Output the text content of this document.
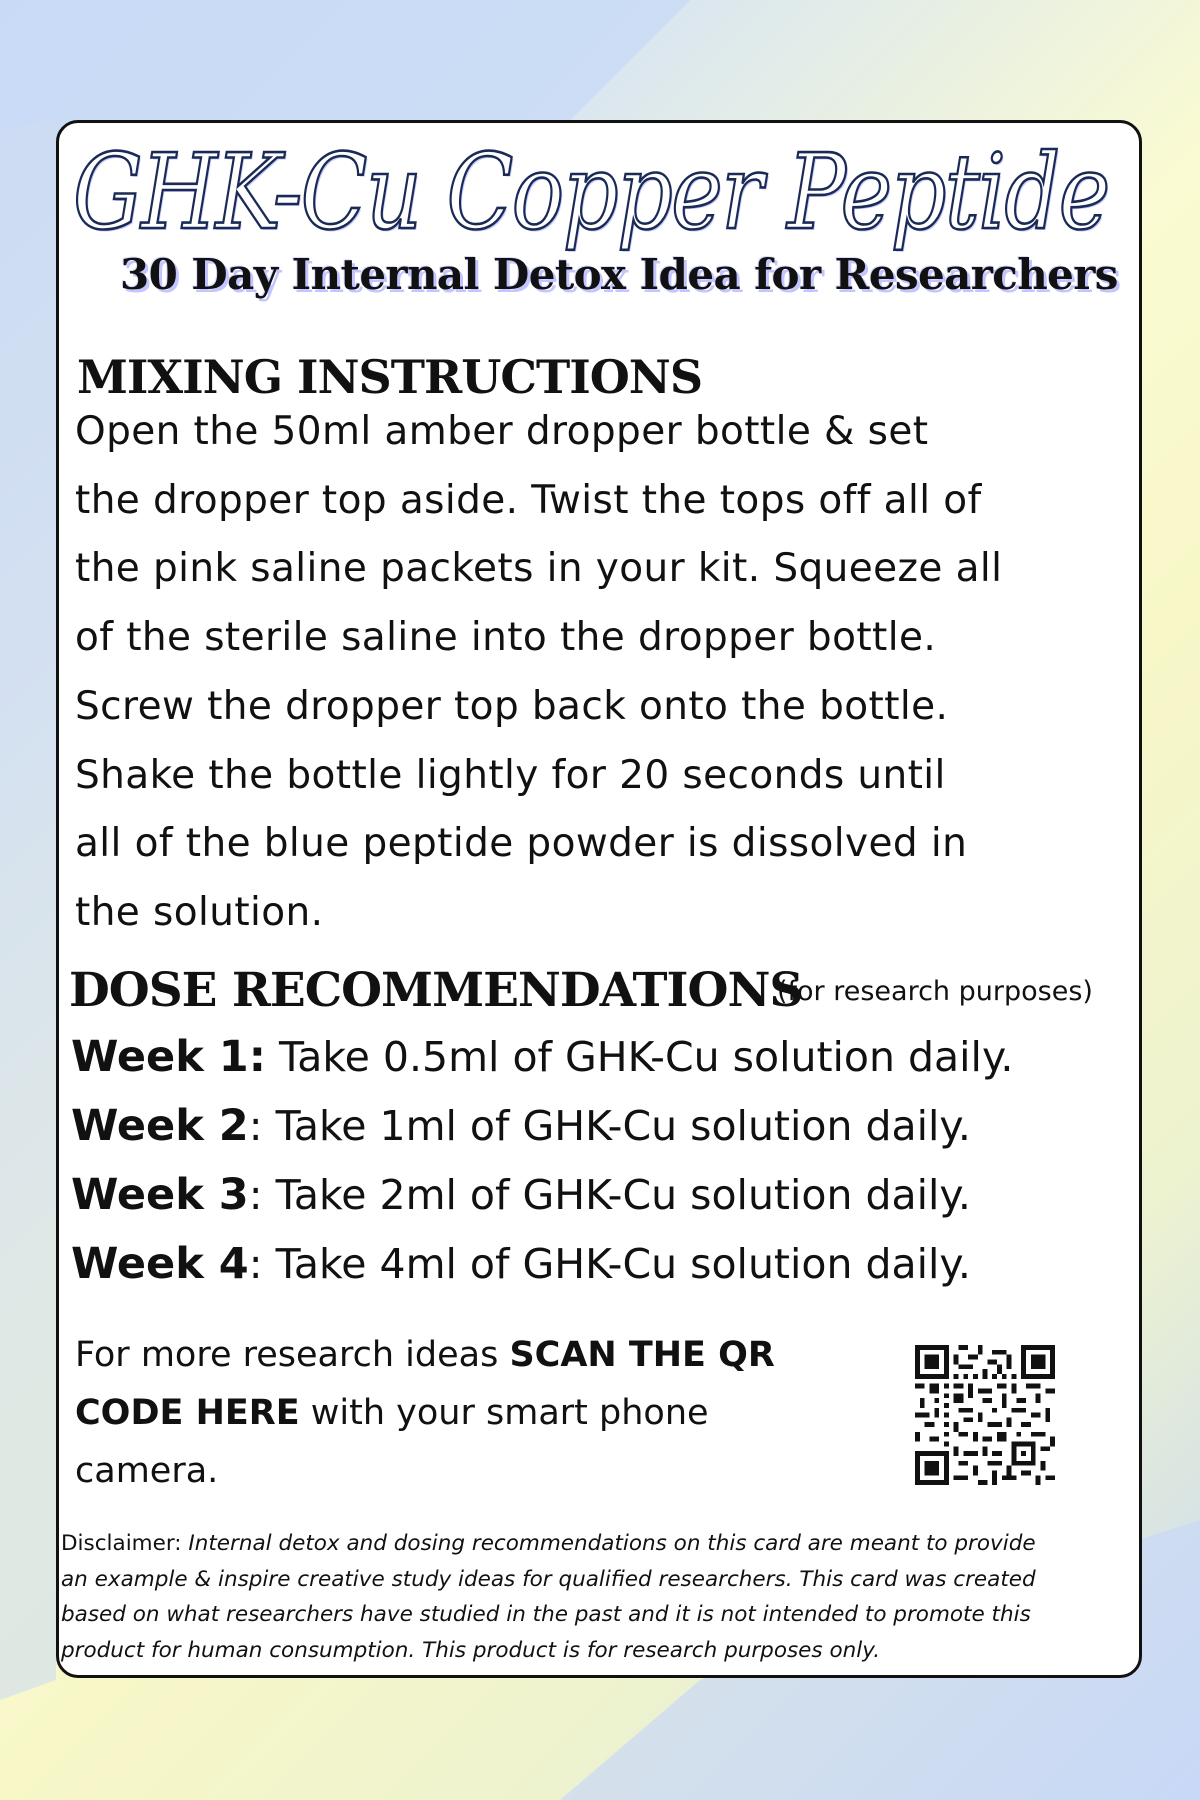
GHK-Cu Copper Peptide
30 Day Internal Detox Idea for Researchers
MIXING INSTRUCTIONS
Open the 50ml amber dropper bottle & set
the dropper top aside. Twist the tops off all of
the pink saline packets in your kit. Squeeze all
of the sterile saline into the dropper bottle.
Screw the dropper top back onto the bottle.
Shake the bottle lightly for 20 seconds until
all of the blue peptide powder is dissolved in
the solution.
DOSE RECOMMENDATIONS
(for research purposes)
Week 1: Take 0.5ml of GHK-Cu solution daily.
Week 2: Take 1ml of GHK-Cu solution daily.
Week 3: Take 2ml of GHK-Cu solution daily.
Week 4: Take 4ml of GHK-Cu solution daily.
For more research ideas SCAN THE QR
CODE HERE with your smart phone
camera.
Disclaimer: Internal detox and dosing recommendations on this card are meant to provide
an example & inspire creative study ideas for qualified researchers. This card was created
based on what researchers have studied in the past and it is not intended to promote this
product for human consumption. This product is for research purposes only.
